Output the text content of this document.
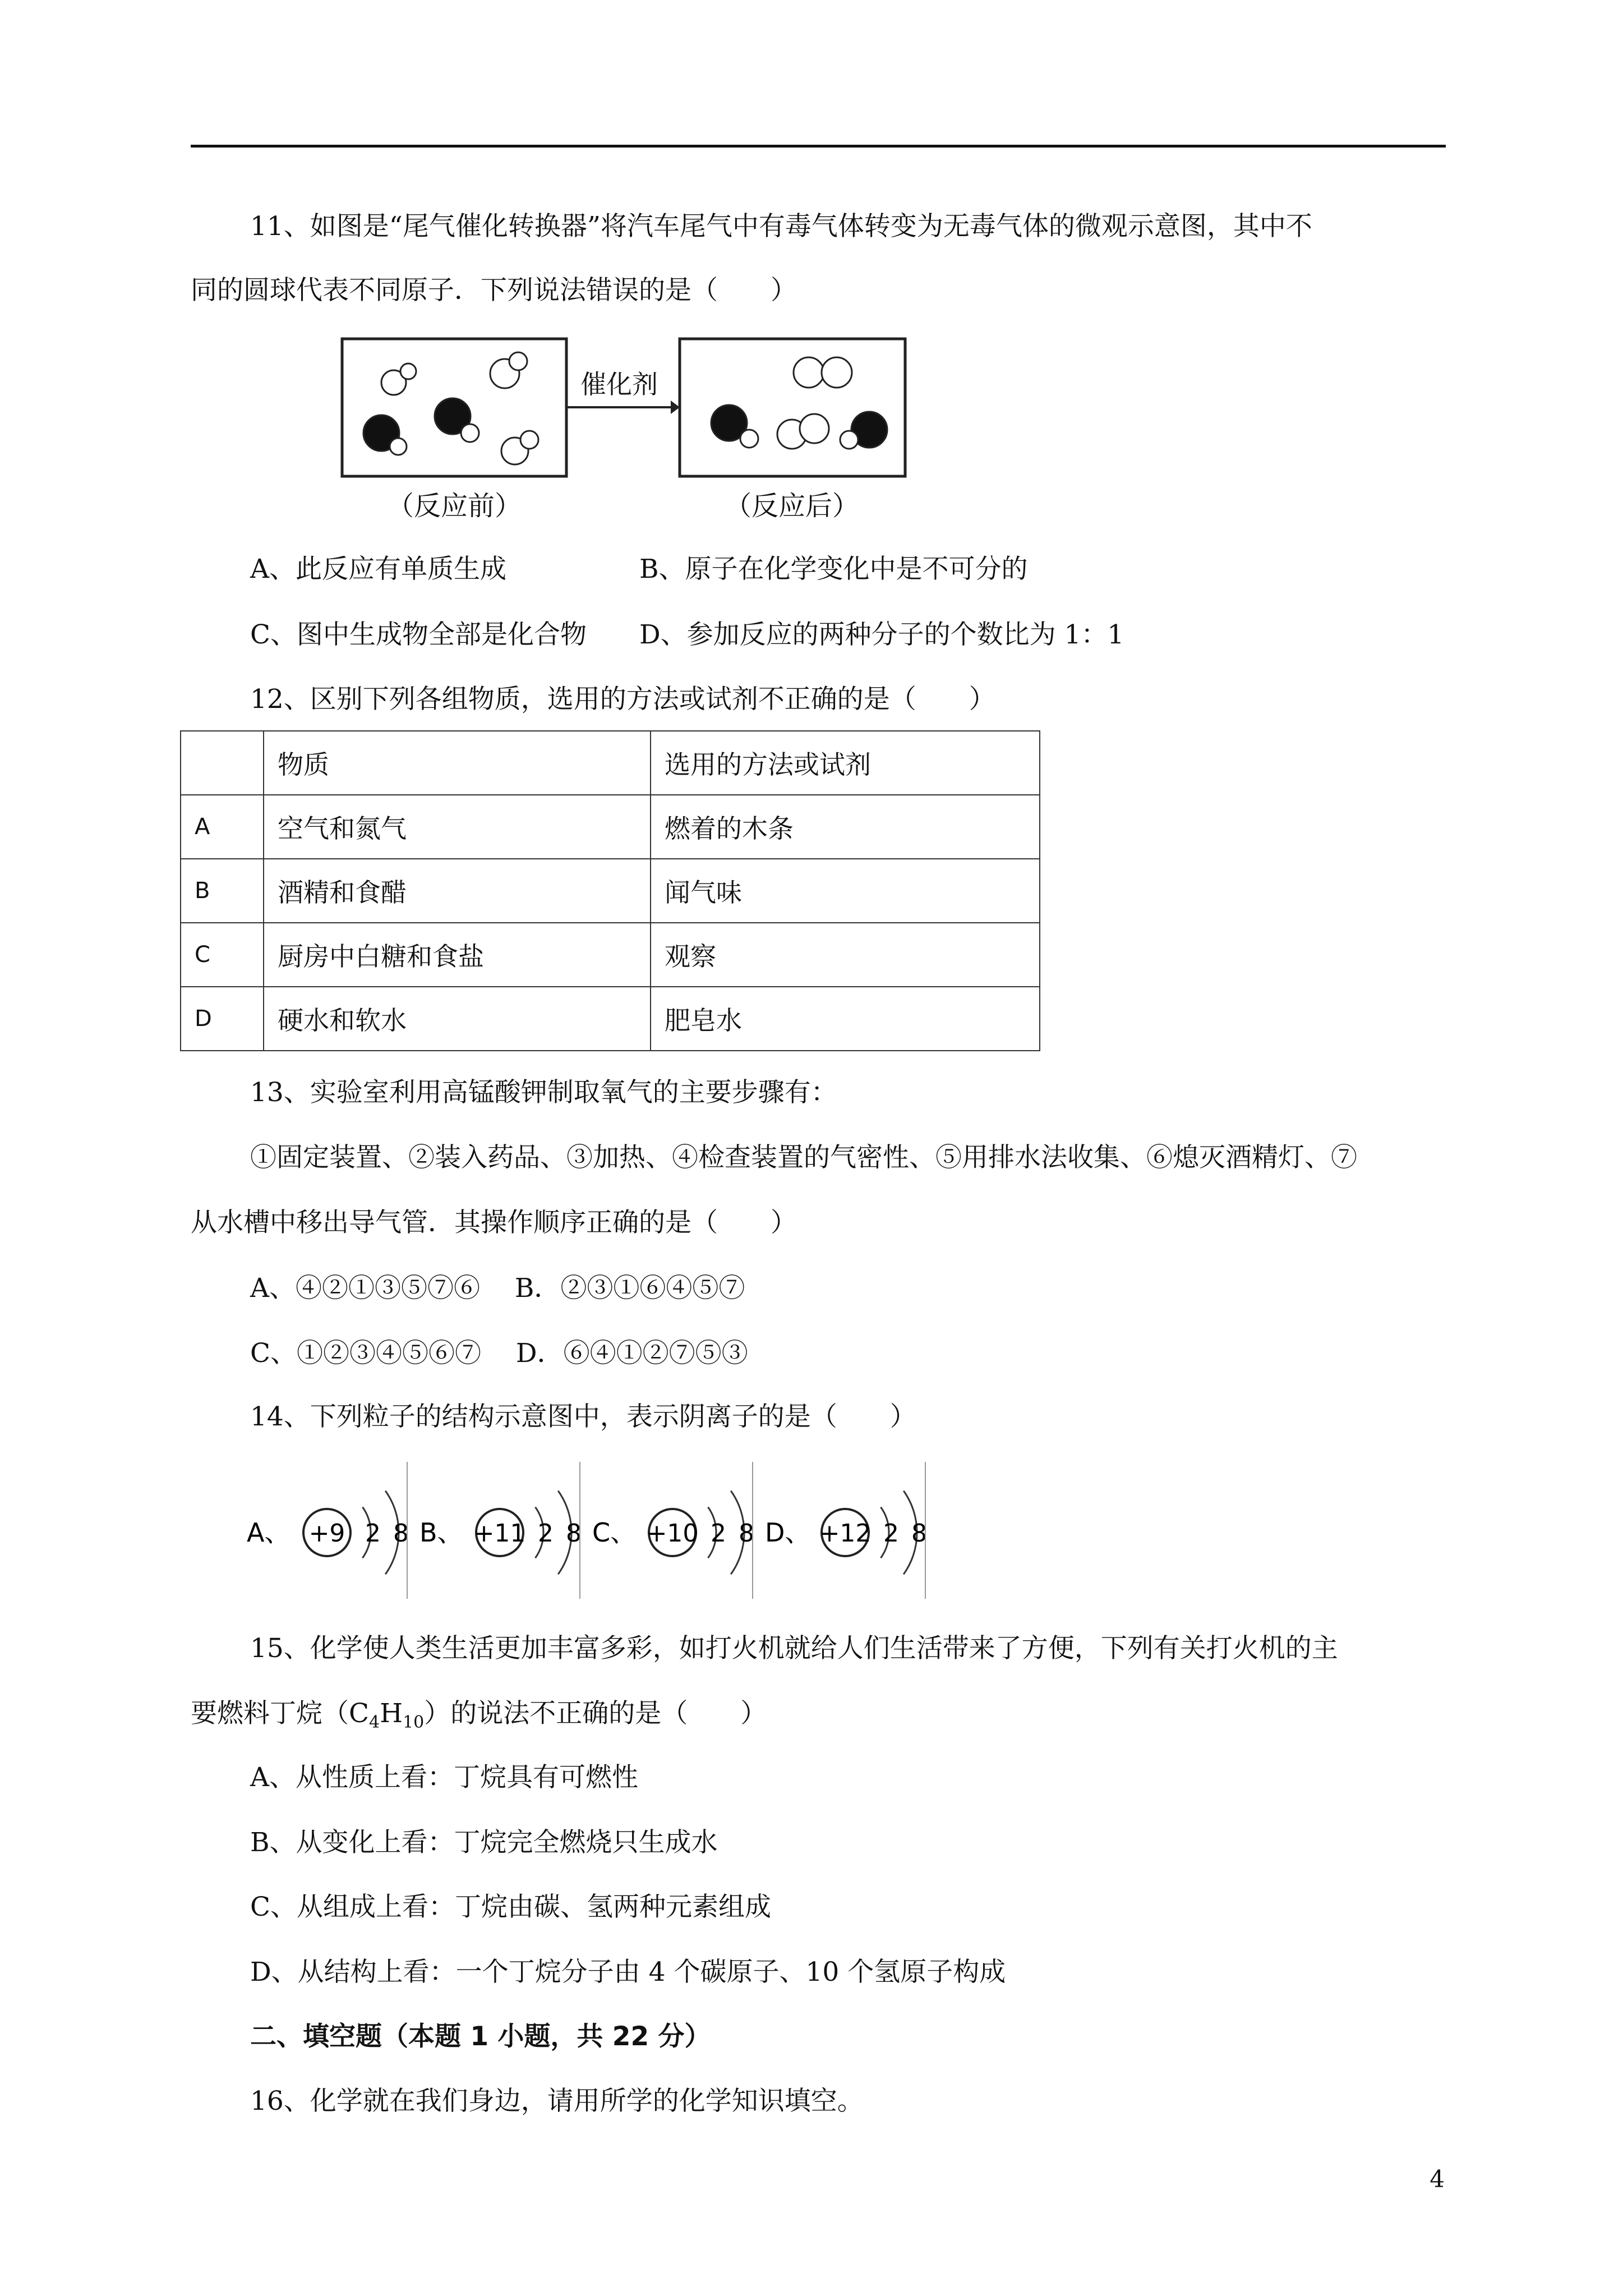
11、如图是“尾气催化转换器”将汽车尾气中有毒气体转变为无毒气体的微观示意图，其中不
同的圆球代表不同原子．下列说法错误的是（　　）
催化剂
（反应前）	（反应后）
A、此反应有单质生成	B、原子在化学变化中是不可分的
C、图中生成物全部是化合物 D、参加反应的两种分子的个数比为 1：1
12、区别下列各组物质，选用的方法或试剂不正确的是（　　）
	物质	选用的方法或试剂
A	空气和氮气	燃着的木条
B	酒精和食醋	闻气味
C	厨房中白糖和食盐	观察
D	硬水和软水	肥皂水
13、实验室利用高锰酸钾制取氧气的主要步骤有：
①固定装置、②装入药品、③加热、④检查装置的气密性、⑤用排水法收集、⑥熄灭酒精灯、⑦
从水槽中移出导气管．其操作顺序正确的是（　　）
A、④②①③⑤⑦⑥　 B．②③①⑥④⑤⑦
C、①②③④⑤⑥⑦　 D．⑥④①②⑦⑤③
14、下列粒子的结构示意图中，表示阴离子的是（　　）
A、 +9 2 8 B、 +11 2 8 C、 +10 2 8 D、 +12 2 8
15、化学使人类生活更加丰富多彩，如打火机就给人们生活带来了方便，下列有关打火机的主
要燃料丁烷$(C_4H_{10})$的说法不正确的是（　　）
A、从性质上看：丁烷具有可燃性
B、从变化上看：丁烷完全燃烧只生成水
C、从组成上看：丁烷由碳、氢两种元素组成
D、从结构上看：一个丁烷分子由 4 个碳原子、10 个氢原子构成
二、填空题（本题 1 小题，共 22 分）
16、化学就在我们身边，请用所学的化学知识填空。
4
